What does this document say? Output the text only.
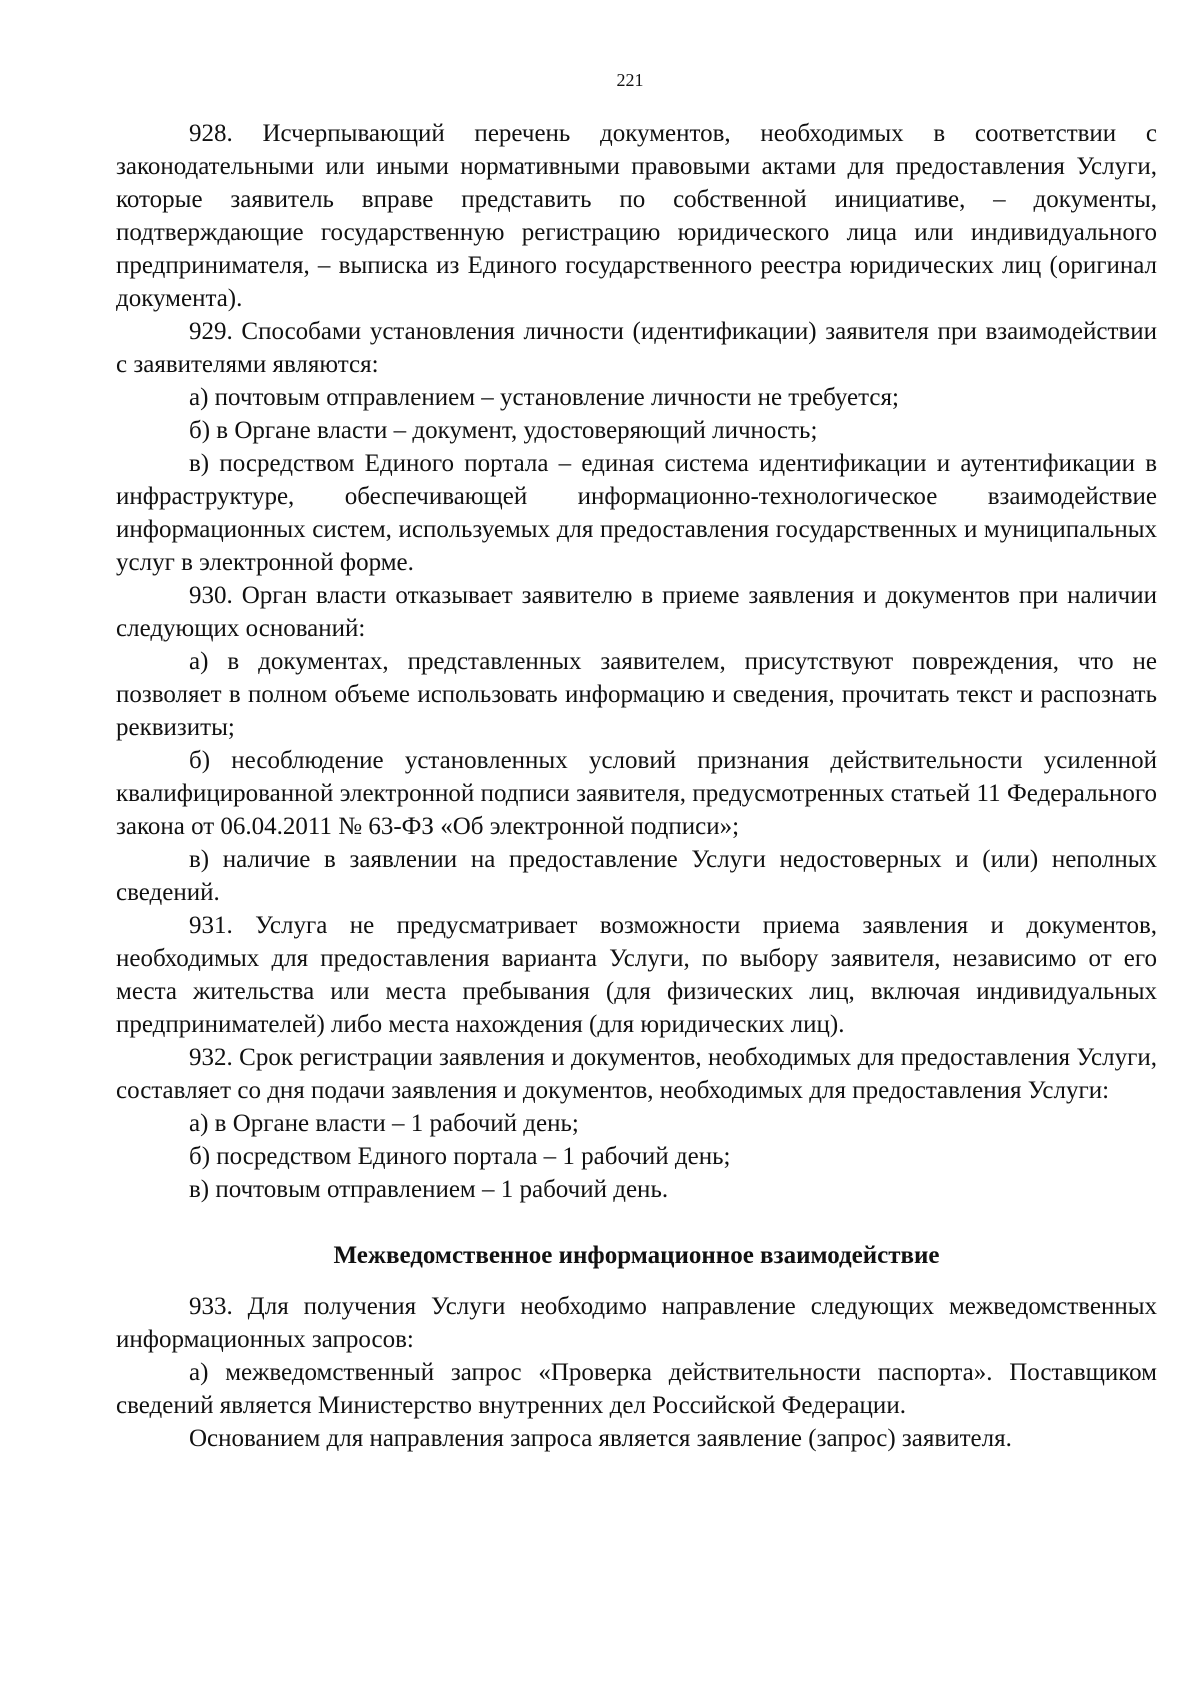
221

928. Исчерпывающий перечень документов, необходимых в соответствии с законодательными или иными нормативными правовыми актами для предоставления Услуги, которые заявитель вправе представить по собственной инициативе, – документы, подтверждающие государственную регистрацию юридического лица или индивидуального предпринимателя, – выписка из Единого государственного реестра юридических лиц (оригинал документа).

929. Способами установления личности (идентификации) заявителя при взаимодействии с заявителями являются:

а) почтовым отправлением – установление личности не требуется;

б) в Органе власти – документ, удостоверяющий личность;

в) посредством Единого портала – единая система идентификации и аутентификации в инфраструктуре, обеспечивающей информационно-технологическое взаимодействие информационных систем, используемых для предоставления государственных и муниципальных услуг в электронной форме.

930. Орган власти отказывает заявителю в приеме заявления и документов при наличии следующих оснований:

а) в документах, представленных заявителем, присутствуют повреждения, что не позволяет в полном объеме использовать информацию и сведения, прочитать текст и распознать реквизиты;

б) несоблюдение установленных условий признания действительности усиленной квалифицированной электронной подписи заявителя, предусмотренных статьей 11 Федерального закона от 06.04.2011 № 63-ФЗ «Об электронной подписи»;

в) наличие в заявлении на предоставление Услуги недостоверных и (или) неполных сведений.

931. Услуга не предусматривает возможности приема заявления и документов, необходимых для предоставления варианта Услуги, по выбору заявителя, независимо от его места жительства или места пребывания (для физических лиц, включая индивидуальных предпринимателей) либо места нахождения (для юридических лиц).

932. Срок регистрации заявления и документов, необходимых для предоставления Услуги, составляет со дня подачи заявления и документов, необходимых для предоставления Услуги:

а) в Органе власти – 1 рабочий день;

б) посредством Единого портала – 1 рабочий день;

в) почтовым отправлением – 1 рабочий день.

Межведомственное информационное взаимодействие

933. Для получения Услуги необходимо направление следующих межведомственных информационных запросов:

а) межведомственный запрос «Проверка действительности паспорта». Поставщиком сведений является Министерство внутренних дел Российской Федерации.

Основанием для направления запроса является заявление (запрос) заявителя.
